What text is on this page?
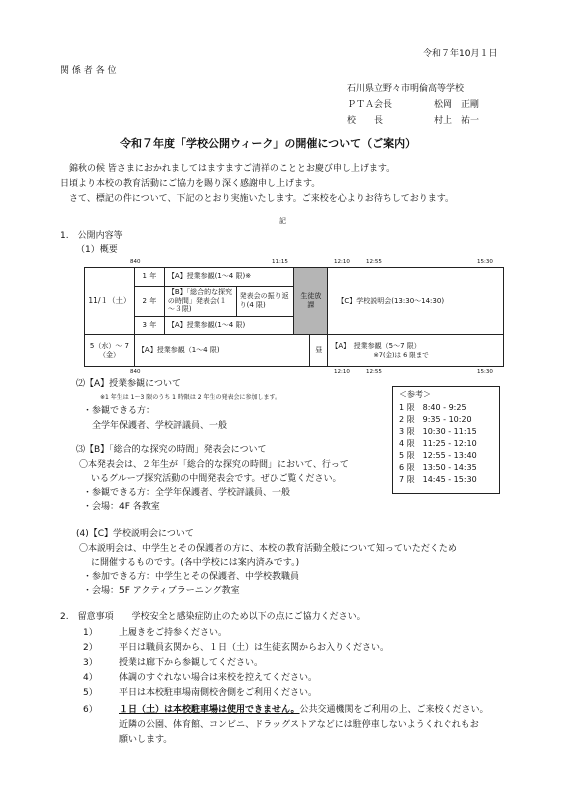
令和７年10月１日
関 係 者 各 位
石川県立野々市明倫高等学校
ＰＴＡ会長	松岡　正剛
校　　長	村上　祐一
令和７年度「学校公開ウィーク」の開催について（ご案内）
錦秋の候 皆さまにおかれましてはますますご清祥のこととお慶び申し上げます。
日頃より本校の教育活動にご協力を賜り深く感謝申し上げます。
さて、標記の件について、下記のとおり実施いたします。ご来校を心よりお待ちしております。
記
1.　公開内容等
（1）概要
840	11:15	12:10	12:55	15:30
11/１（土）	1 年	【A】授業参観(1～4 限)※		生徒放課		【C】学校説明会(13:30～14:30)

	2 年	【B】「総合的な探究の時間」発表会(１～３限)	発表会の振り返り(4 限)			
	3 年	【A】授業参観(1～4 限)				
5（水）～ 7（金）	【A】授業参観（1～4 限)				昼	【A】　授業参観（5～7 限）
※7(金)は 6 限まで
840	12:10	12:55	15:30
⑵【A】授業参観について
※1 年生は 1～3 限のうち 1 時限は 2 年生の発表会に参加します。
・参観できる方：
全学年保護者、学校評議員、一般
＜参考＞
1 限　8:40 - 9:25
2 限　9:35 - 10:20
3 限　10:30 - 11:15
4 限　11:25 - 12:10
5 限　12:55 - 13:40
6 限　13:50 - 14:35
7 限　14:45 - 15:30
⑶【B】「総合的な探究の時間」発表会について
〇本発表会は、２年生が「総合的な探究の時間」において、行って
いるグループ探究活動の中間発表会です。ぜひご覧ください。
・参観できる方：全学年保護者、学校評議員、一般
・会場：4F 各教室
(4)【C】学校説明会について
〇本説明会は、中学生とその保護者の方に、本校の教育活動全般について知っていただくため
に開催するものです。(各中学校には案内済みです。)
・参加できる方：中学生とその保護者、中学校教職員
・会場：5F アクティブラーニング教室
2.　留意事項　　学校安全と感染症防止のため以下の点にご協力ください。
1） 上履きをご持参ください。
2） 平日は職員玄関から、１日（土）は生徒玄関からお入りください。
3） 授業は廊下から参観してください。
4） 体調のすぐれない場合は来校を控えてください。
5） 平日は本校駐車場南側校舎側をご利用ください。
6） １日（土）は本校駐車場は使用できません。公共交通機関をご利用の上、ご来校ください。
近隣の公園、体育館、コンビニ、ドラッグストアなどには駐停車しないようくれぐれもお
願いします。
